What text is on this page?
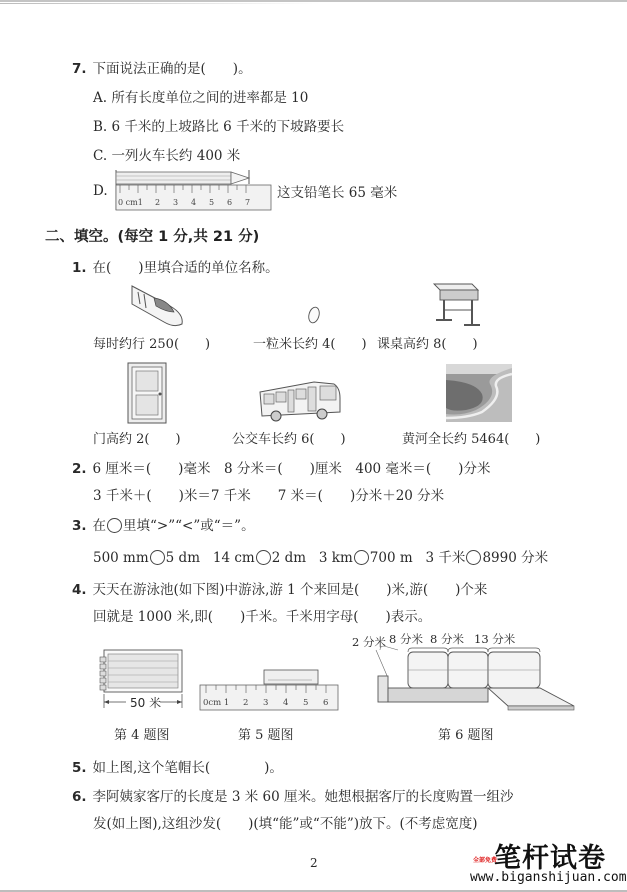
7. 下面说法正确的是(　　)。
A. 所有长度单位之间的进率都是 10
B. 6 千米的上坡路比 6 千米的下坡路要长
C. 一列火车长约 400 米
D.
0 cm1 2 3 4 5 6 7
这支铅笔长 65 毫米
二、填空。(每空 1 分,共 21 分)
1. 在(　　)里填合适的单位名称。
每时约行 250(　　)	一粒米长约 4(　　) 课桌高约 8(　　)
门高约 2(　　)	公交车长约 6(　　)	黄河全长约 5464(　　)
2. 6 厘米＝(　　)毫米　8 分米＝(　　)厘米　400 毫米＝(　　)分米
3 千米＋(　　)米＝7 千米　　7 米＝(　　)分米＋20 分米
3. 在 里填“>”“<”或“＝”。
500 mm 5 dm 14 cm 2 dm 3 km 700 m 3 千米 8990 分米
4. 天天在游泳池(如下图)中游泳,游 1 个来回是(　　)米,游(　　)个来
回就是 1000 米,即(　　)千米。千米用字母(　　)表示。
50 米
第 4 题图
0cm 1 2 3 4 5 6
第 5 题图
2 分米 8 分米 8 分米 13 分米
第 6 题图
5. 如上图,这个笔帽长(　　　　)。
6. 李阿姨家客厅的长度是 3 米 60 厘米。她想根据客厅的长度购置一组沙
发(如上图),这组沙发(　　)(填“能”或“不能”)放下。(不考虑宽度)
2	全部免费
笔杆试卷
www.biganshijuan.com
